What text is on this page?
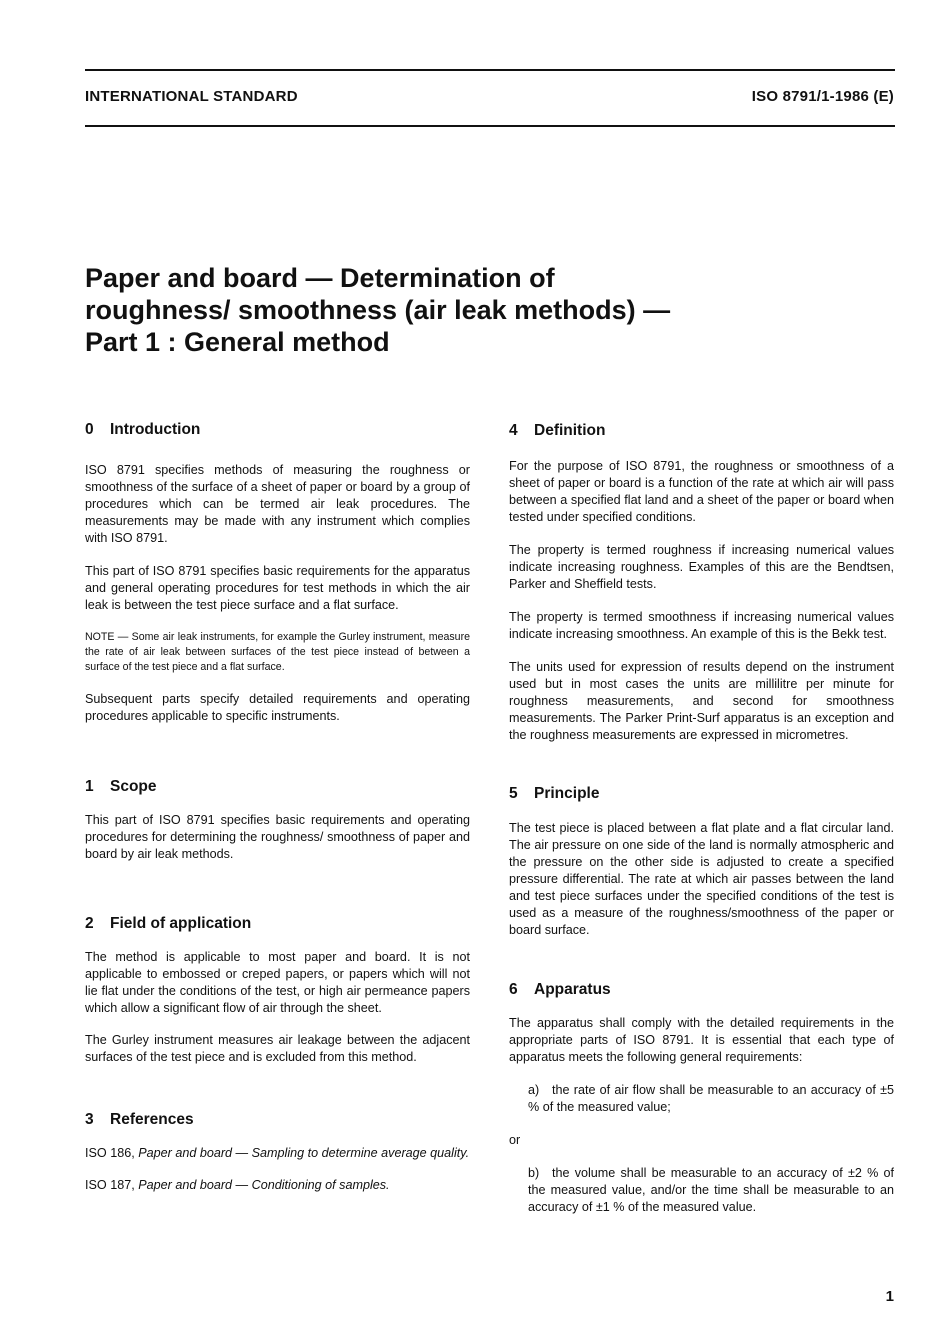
INTERNATIONAL STANDARD	ISO 8791/1-1986 (E)
Paper and board — Determination of
roughness/ smoothness (air leak methods) —
Part 1 : General method
0 Introduction

ISO 8791 specifies methods of measuring the roughness or smoothness of the surface of a sheet of paper or board by a group of procedures which can be termed air leak procedures. The measurements may be made with any instrument which complies with ISO 8791.

This part of ISO 8791 specifies basic requirements for the apparatus and general operating procedures for test methods in which the air leak is between the test piece surface and a flat surface.

NOTE — Some air leak instruments, for example the Gurley instrument, measure the rate of air leak between surfaces of the test piece instead of between a surface of the test piece and a flat surface.

Subsequent parts specify detailed requirements and operating procedures applicable to specific instruments.

1 Scope

This part of ISO 8791 specifies basic requirements and operating procedures for determining the roughness/ smoothness of paper and board by air leak methods.

2 Field of application

The method is applicable to most paper and board. It is not applicable to embossed or creped papers, or papers which will not lie flat under the conditions of the test, or high air permeance papers which allow a significant flow of air through the sheet.

The Gurley instrument measures air leakage between the adjacent surfaces of the test piece and is excluded from this method.

3 References

ISO 186, Paper and board — Sampling to determine average quality.

ISO 187, Paper and board — Conditioning of samples.

4 Definition

For the purpose of ISO 8791, the roughness or smoothness of a sheet of paper or board is a function of the rate at which air will pass between a specified flat land and a sheet of the paper or board when tested under specified conditions.

The property is termed roughness if increasing numerical values indicate increasing roughness. Examples of this are the Bendtsen, Parker and Sheffield tests.

The property is termed smoothness if increasing numerical values indicate increasing smoothness. An example of this is the Bekk test.

The units used for expression of results depend on the instrument used but in most cases the units are millilitre per minute for roughness measurements, and second for smoothness measurements. The Parker Print-Surf apparatus is an exception and the roughness measurements are expressed in micrometres.

5 Principle

The test piece is placed between a flat plate and a flat circular land. The air pressure on one side of the land is normally atmospheric and the pressure on the other side is adjusted to create a specified pressure differential. The rate at which air passes between the land and test piece surfaces under the specified conditions of the test is used as a measure of the roughness/smoothness of the paper or board surface.

6 Apparatus

The apparatus shall comply with the detailed requirements in the appropriate parts of ISO 8791. It is essential that each type of apparatus meets the following general requirements:

a) the rate of air flow shall be measurable to an accuracy of ±5 % of the measured value;

or

b) the volume shall be measurable to an accuracy of ±2 % of the measured value, and/or the time shall be measurable to an accuracy of ±1 % of the measured value.

1
